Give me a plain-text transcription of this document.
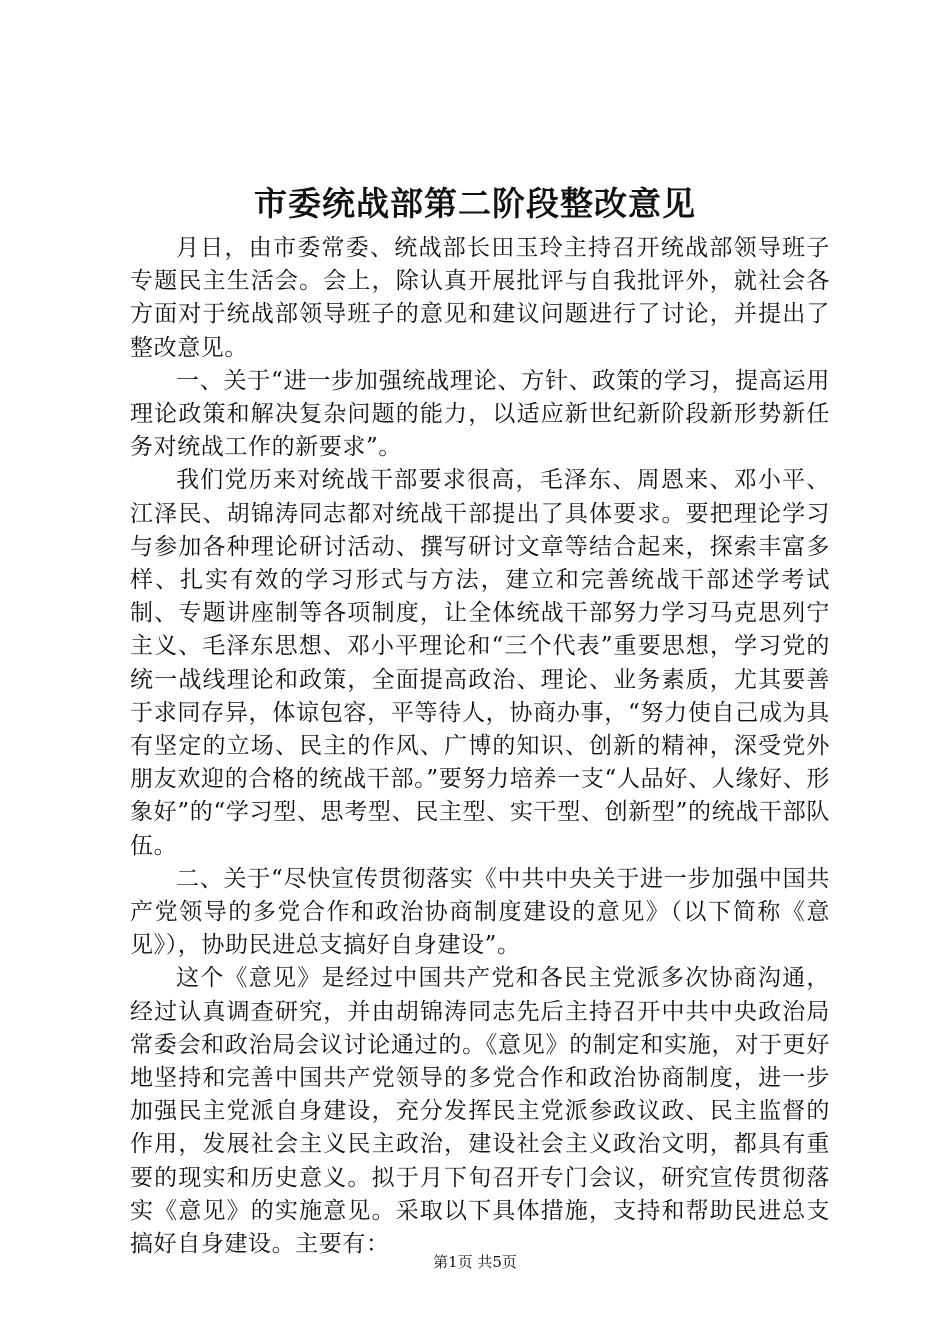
市委统战部第二阶段整改意见

月日，由市委常委、统战部长田玉玲主持召开统战部领导班子专题民主生活会。会上，除认真开展批评与自我批评外，就社会各方面对于统战部领导班子的意见和建议问题进行了讨论，并提出了整改意见。

一、关于“进一步加强统战理论、方针、政策的学习，提高运用理论政策和解决复杂问题的能力，以适应新世纪新阶段新形势新任务对统战工作的新要求”。

我们党历来对统战干部要求很高，毛泽东、周恩来、邓小平、江泽民、胡锦涛同志都对统战干部提出了具体要求。要把理论学习与参加各种理论研讨活动、撰写研讨文章等结合起来，探索丰富多样、扎实有效的学习形式与方法，建立和完善统战干部述学考试制、专题讲座制等各项制度，让全体统战干部努力学习马克思列宁主义、毛泽东思想、邓小平理论和“三个代表”重要思想，学习党的统一战线理论和政策，全面提高政治、理论、业务素质，尤其要善于求同存异，体谅包容，平等待人，协商办事，“努力使自己成为具有坚定的立场、民主的作风、广博的知识、创新的精神，深受党外朋友欢迎的合格的统战干部。”要努力培养一支“人品好、人缘好、形象好”的“学习型、思考型、民主型、实干型、创新型”的统战干部队伍。

二、关于“尽快宣传贯彻落实《中共中央关于进一步加强中国共产党领导的多党合作和政治协商制度建设的意见》（以下简称《意见》），协助民进总支搞好自身建设”。

这个《意见》是经过中国共产党和各民主党派多次协商沟通，经过认真调查研究，并由胡锦涛同志先后主持召开中共中央政治局常委会和政治局会议讨论通过的。《意见》的制定和实施，对于更好地坚持和完善中国共产党领导的多党合作和政治协商制度，进一步加强民主党派自身建设，充分发挥民主党派参政议政、民主监督的作用，发展社会主义民主政治，建设社会主义政治文明，都具有重要的现实和历史意义。拟于月下旬召开专门会议，研究宣传贯彻落实《意见》的实施意见。采取以下具体措施，支持和帮助民进总支搞好自身建设。主要有：

第1页 共5页
